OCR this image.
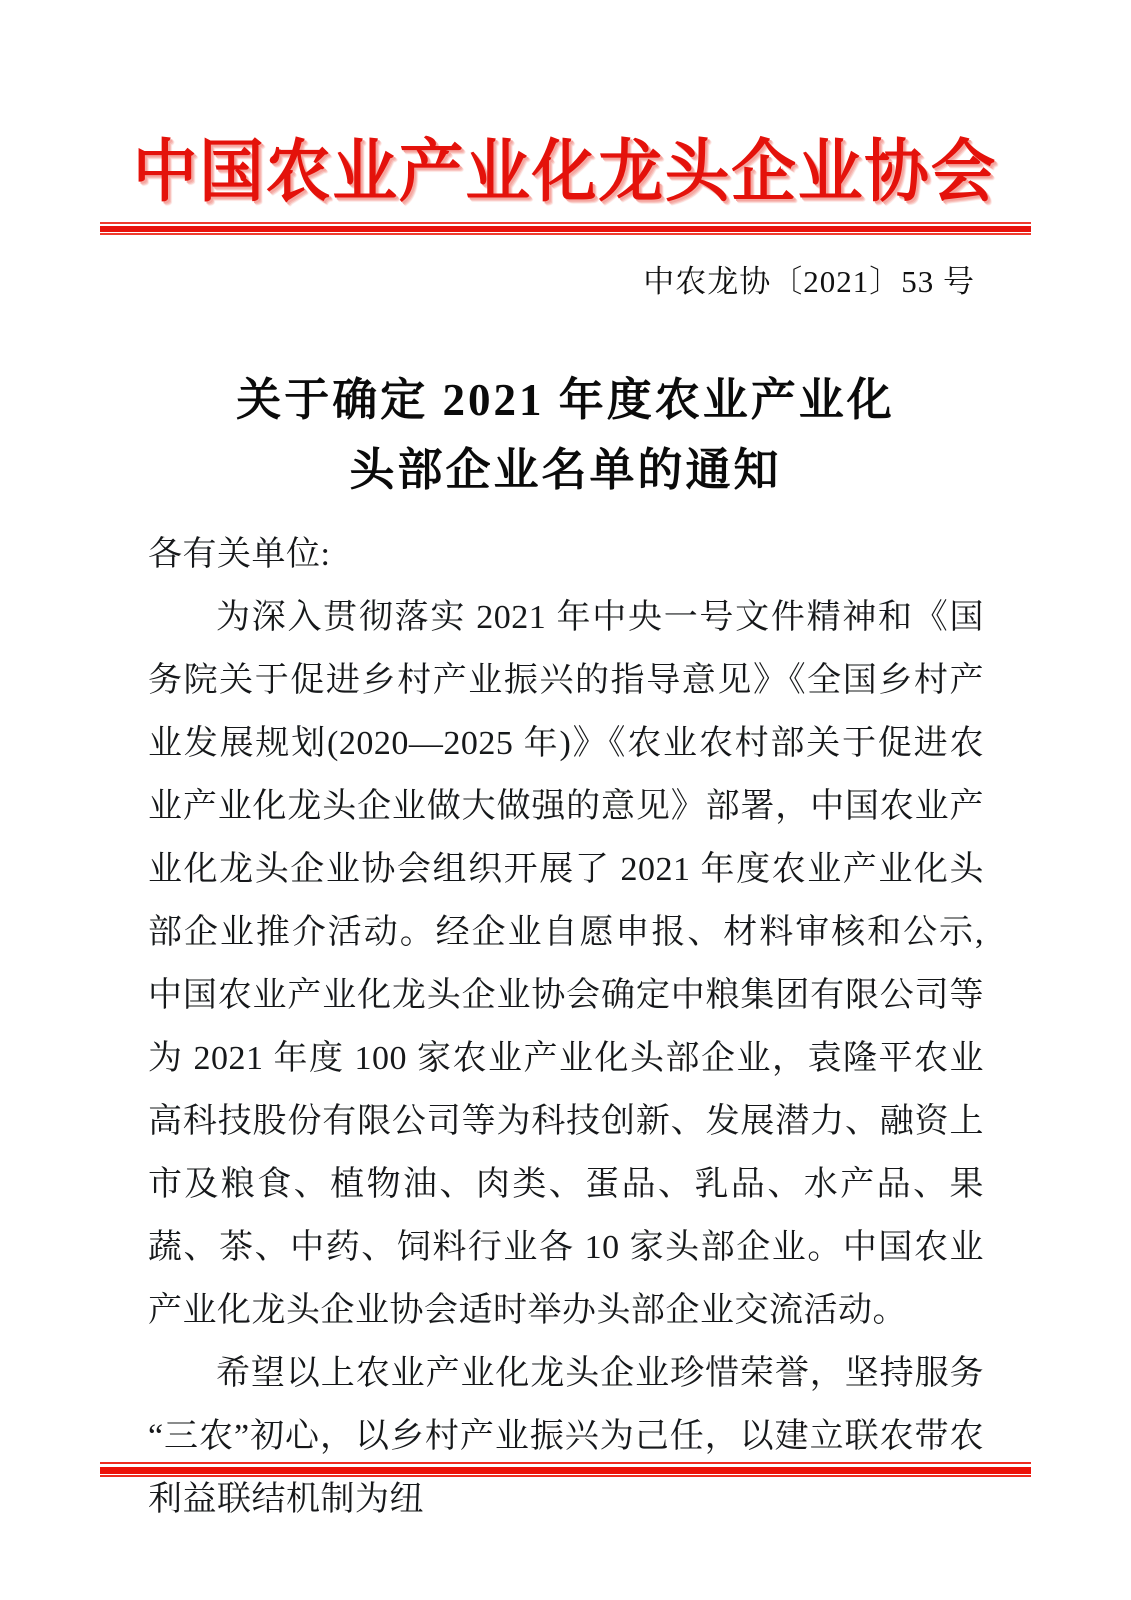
中国农业产业化龙头企业协会
中农龙协〔2021〕53 号
关于确定 2021 年度农业产业化
头部企业名单的通知

各有关单位:

为深入贯彻落实 2021 年中央一号文件精神和《国务院关于促进乡村产业振兴的指导意见》《全国乡村产业发展规划(2020—2025 年)》《农业农村部关于促进农业产业化龙头企业做大做强的意见》部署，中国农业产业化龙头企业协会组织开展了 2021 年度农业产业化头部企业推介活动。经企业自愿申报、材料审核和公示,中国农业产业化龙头企业协会确定中粮集团有限公司等为 2021 年度 100 家农业产业化头部企业，袁隆平农业高科技股份有限公司等为科技创新、发展潜力、融资上市及粮食、植物油、肉类、蛋品、乳品、水产品、果蔬、茶、中药、饲料行业各 10 家头部企业。中国农业产业化龙头企业协会适时举办头部企业交流活动。

希望以上农业产业化龙头企业珍惜荣誉，坚持服务“三农”初心，以乡村产业振兴为己任，以建立联农带农利益联结机制为纽
